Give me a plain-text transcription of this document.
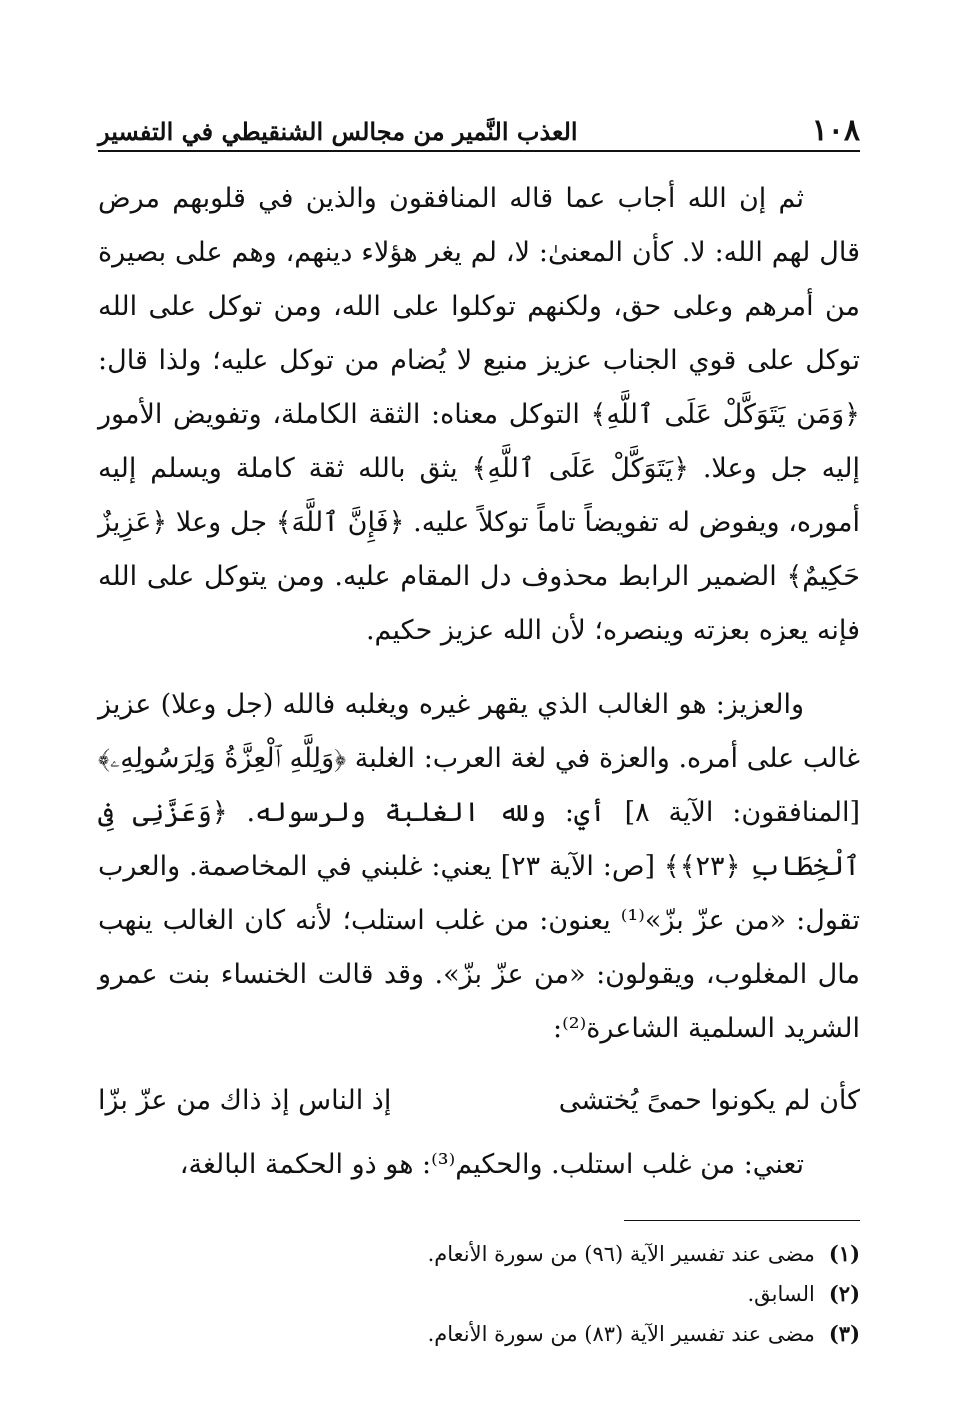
١٠٨
العذب النَّمير من مجالس الشنقيطي في التفسير

ثم إن الله أجاب عما قاله المنافقون والذين في قلوبهم مرض قال لهم الله: لا. كأن المعنىٰ: لا، لم يغر هؤلاء دينهم، وهم على بصيرة من أمرهم وعلى حق، ولكنهم توكلوا على الله، ومن توكل على الله توكل على قوي الجناب عزيز منيع لا يُضام من توكل عليه؛ ولذا قال: ﴿وَمَن يَتَوَكَّلْ عَلَى ٱللَّهِ﴾ التوكل معناه: الثقة الكاملة، وتفويض الأمور إليه جل وعلا. ﴿يَتَوَكَّلْ عَلَى ٱللَّهِ﴾ يثق بالله ثقة كاملة ويسلم إليه أموره، ويفوض له تفويضاً تاماً توكلاً عليه. ﴿فَإِنَّ ٱللَّهَ﴾ جل وعلا ﴿عَزِيزٌ حَكِيمٌ﴾ الضمير الرابط محذوف دل المقام عليه. ومن يتوكل على الله فإنه يعزه بعزته وينصره؛ لأن الله عزيز حكيم.

والعزيز: هو الغالب الذي يقهر غيره ويغلبه فالله (جل وعلا) عزيز غالب على أمره. والعزة في لغة العرب: الغلبة ﴿وَلِلَّهِ ٱلْعِزَّةُ وَلِرَسُولِهِۦ﴾ [المنافقون: الآية ٨] أي: ولله الغلبة ولرسوله. ﴿وَعَزَّنِى فِى ٱلْخِطَابِ ﴿٢٣﴾﴾ [ص: الآية ٢٣] يعني: غلبني في المخاصمة. والعرب تقول: «من عزّ بزّ»⁽¹⁾ يعنون: من غلب استلب؛ لأنه كان الغالب ينهب مال المغلوب، ويقولون: «من عزّ بزّ». وقد قالت الخنساء بنت عمرو الشريد السلمية الشاعرة⁽²⁾:

كأن لم يكونوا حمىً يُختشى
إذ الناس إذ ذاك من عزّ بزّا

تعني: من غلب استلب. والحكيم⁽³⁾: هو ذو الحكمة البالغة،

(١)
مضى عند تفسير الآية (٩٦) من سورة الأنعام.
(٢)
السابق.
(٣)
مضى عند تفسير الآية (٨٣) من سورة الأنعام.
